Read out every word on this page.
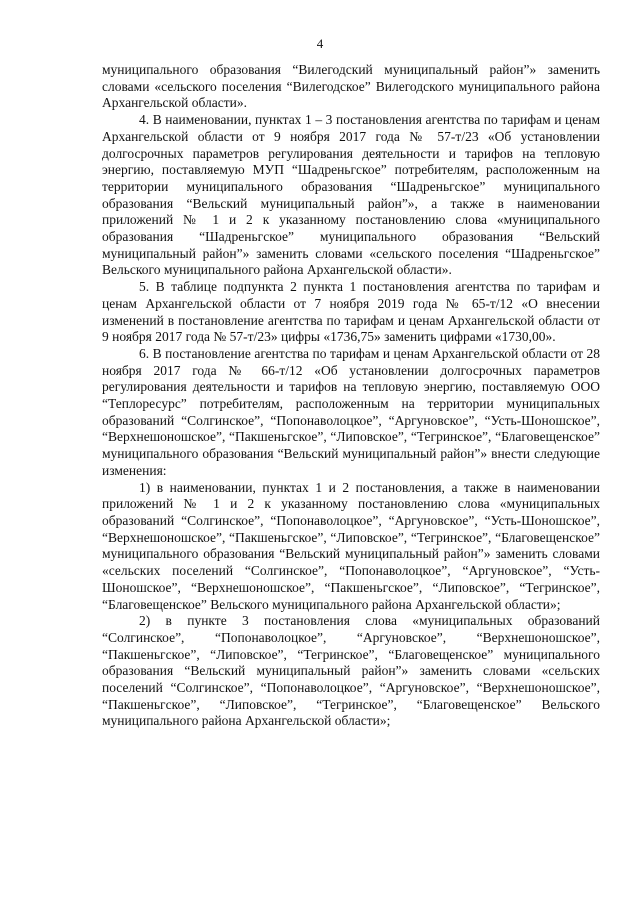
4

муниципального образования “Вилегодский муниципальный район”» заменить словами «сельского поселения “Вилегодское” Вилегодского муниципального района Архангельской области».

4. В наименовании, пунктах 1 – 3 постановления агентства по тарифам и ценам Архангельской области от 9 ноября 2017 года № 57-т/23 «Об установлении долгосрочных параметров регулирования деятельности и тарифов на тепловую энергию, поставляемую МУП “Шадреньгское” потребителям, расположенным на территории муниципального образования “Шадреньгское” муниципального образования “Вельский муниципальный район”», а также в наименовании приложений № 1 и 2 к указанному постановлению слова «муниципального образования “Шадреньгское” муниципального образования “Вельский муниципальный район”» заменить словами «сельского поселения “Шадреньгское” Вельского муниципального района Архангельской области».

5. В таблице подпункта 2 пункта 1 постановления агентства по тарифам и ценам Архангельской области от 7 ноября 2019 года № 65-т/12 «О внесении изменений в постановление агентства по тарифам и ценам Архангельской области от 9 ноября 2017 года № 57-т/23» цифры «1736,75» заменить цифрами «1730,00».

6. В постановление агентства по тарифам и ценам Архангельской области от 28 ноября 2017 года № 66-т/12 «Об установлении долгосрочных параметров регулирования деятельности и тарифов на тепловую энергию, поставляемую ООО “Теплоресурс” потребителям, расположенным на территории муниципальных образований “Солгинское”, “Попонаволоцкое”, “Аргуновское”, “Усть-Шоношское”, “Верхнешоношское”, “Пакшеньгское”, “Липовское”, “Тегринское”, “Благовещенское” муниципального образования “Вельский муниципальный район”» внести следующие изменения:

1) в наименовании, пунктах 1 и 2 постановления, а также в наименовании приложений № 1 и 2 к указанному постановлению слова «муниципальных образований “Солгинское”, “Попонаволоцкое”, “Аргуновское”, “Усть-Шоношское”, “Верхнешоношское”, “Пакшеньгское”, “Липовское”, “Тегринское”, “Благовещенское” муниципального образования “Вельский муниципальный район”» заменить словами «сельских поселений “Солгинское”, “Попонаволоцкое”, “Аргуновское”, “Усть-Шоношское”, “Верхнешоношское”, “Пакшеньгское”, “Липовское”, “Тегринское”, “Благовещенское” Вельского муниципального района Архангельской области»;

2) в пункте 3 постановления слова «муниципальных образований “Солгинское”, “Попонаволоцкое”, “Аргуновское”, “Верхнешоношское”, “Пакшеньгское”, “Липовское”, “Тегринское”, “Благовещенское” муниципального образования “Вельский муниципальный район”» заменить словами «сельских поселений “Солгинское”, “Попонаволоцкое”, “Аргуновское”, “Верхнешоношское”, “Пакшеньгское”, “Липовское”, “Тегринское”, “Благовещенское” Вельского муниципального района Архангельской области»;
